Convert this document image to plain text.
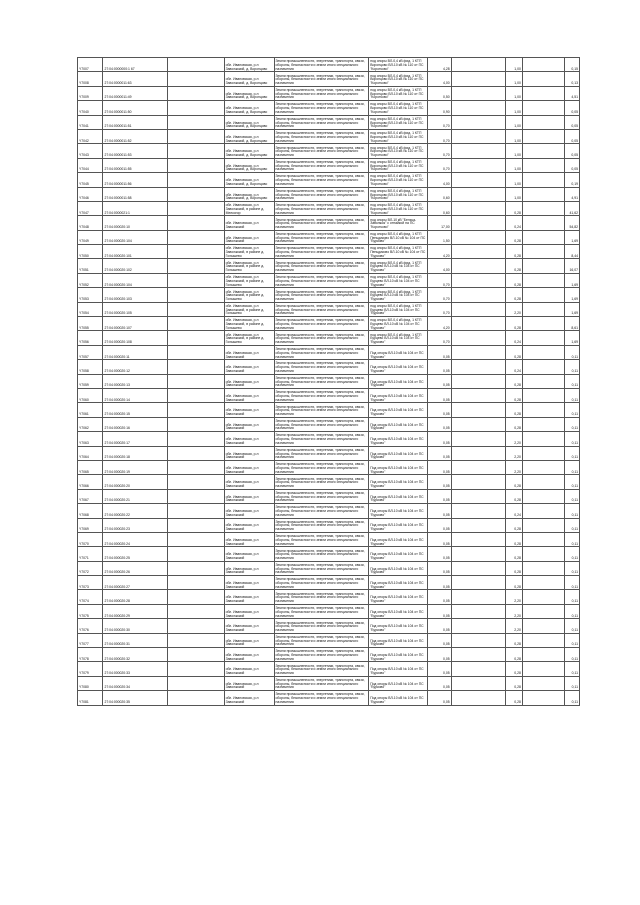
Y7007	27:04:0000000:1 67		обл. Ивановская, р-н Заволжский, д. Воронцово	Земли промышленности, энергетики, транспорта, связи, обороны, безопасности и земли иного специального назначения	под опоры ВЛ-0,4 кВ фид. 1 КТП Воронцово ВЛ-10 кВ № 110 от ПС "Коротково"	4,28		1,00		0,15
Y7008	27:04:0000011:63		обл. Ивановская, р-н Заволжский, д. Воронцово	Земли промышленности, энергетики, транспорта, связи, обороны, безопасности и земли иного специального назначения	под опоры ВЛ-0,4 кВ фид. 1 КТП Воронцово ВЛ-10 кВ № 110 от ПС "Коротково"	4,00		1,00		0,13
Y7009	27:04:0000011:49		обл. Ивановская, р-н Заволжский, д. Воронцово	Земли промышленности, энергетики, транспорта, связи, обороны, безопасности и земли иного специального назначения	под опоры ВЛ-0,4 кВ фид. 1 КТП Воронцово ВЛ-10 кВ № 110 от ПС "Коротково"	0,50		1,00		4,51
Y7040	27:04:0000011:50		обл. Ивановская, р-н Заволжский, д. Воронцово	Земли промышленности, энергетики, транспорта, связи, обороны, безопасности и земли иного специального назначения	под опоры ВЛ-0,4 кВ фид. 1 КТП Воронцово ВЛ-10 кВ № 110 от ПС "Коротково"	0,90		1,00		0,05
Y7041	27:04:0000011:51		обл. Ивановская, р-н Заволжский, д. Воронцово	Земли промышленности, энергетики, транспорта, связи, обороны, безопасности и земли иного специального назначения	под опоры ВЛ-0,4 кВ фид. 1 КТП Воронцово ВЛ-10 кВ № 110 от ПС "Коротково"	0,70		1,00		0,05
Y7042	27:04:0000011:52		обл. Ивановская, р-н Заволжский, д. Воронцово	Земли промышленности, энергетики, транспорта, связи, обороны, безопасности и земли иного специального назначения	под опоры ВЛ-0,4 кВ фид. 1 КТП Воронцово ВЛ-10 кВ № 110 от ПС "Коротково"	0,70		1,00		0,05
Y7043	27:04:0000011:53		обл. Ивановская, р-н Заволжский, д. Воронцово	Земли промышленности, энергетики, транспорта, связи, обороны, безопасности и земли иного специального назначения	под опоры ВЛ-0,4 кВ фид. 1 КТП Воронцово ВЛ-10 кВ № 110 от ПС "Коротково"	0,70		1,00		0,05
Y7044	27:04:0000011:55		обл. Ивановская, р-н Заволжский, д. Воронцово	Земли промышленности, энергетики, транспорта, связи, обороны, безопасности и земли иного специального назначения	под опоры ВЛ-0,4 кВ фид. 1 КТП Воронцово ВЛ-10 кВ № 110 от ПС "Коротково"	0,70		1,00		0,05
Y7045	27:04:0000011:56		обл. Ивановская, р-н Заволжский, д. Воронцово	Земли промышленности, энергетики, транспорта, связи, обороны, безопасности и земли иного специального назначения	под опоры ВЛ-0,4 кВ фид. 1 КТП Воронцово ВЛ-10 кВ № 110 от ПС "Коротково"	4,00		1,00		0,19
Y7046	27:04:0000011:58		обл. Ивановская, р-н Заволжский, д. Воронцово	Земли промышленности, энергетики, транспорта, связи, обороны, безопасности и земли иного специального назначения	под опоры ВЛ-0,4 кВ фид. 1 КТП Воронцово ВЛ-10 кВ № 110 от ПС "Коротково"	0,60		1,00		4,91
Y7047	27:04:0000021:1		обл. Ивановская, р-н Заволжский, в районе д. Мелкогор	Земли промышленности, энергетики, транспорта, связи, обороны, безопасности и земли иного специального назначения	под опоры ВЛ-0,4 кВ фид. 1 КТП Воронцово ВЛ-10 кВ № 110 от ПС "Коротково"	0,60		0,28		41,62
Y7048	27:04:000020:10		обл. Ивановская, р-н Заволжский	Земли промышленности, энергетики, транспорта, связи, обороны, безопасности и земли иного специального назначения	под опоры ВЛ-10 кВ "Бельча-Заволжск" с отпайкой на ПС "Коротково"	17,00		0,24		54,82
Y7049	27:04:000020:104		обл. Ивановская, р-н Заволжский	Земли промышленности, энергетики, транспорта, связи, обороны, безопасности и земли иного специального назначения	под опоры ВЛ-0,4 кВ фид. 1 КТП Пеньдиково ВЛ-10 кВ № 104 от ПС "Бурково"	1,50		0,28		1,69
Y7050	27:04:000020:101		обл. Ивановская, р-н Заволжский, в районе д. Голышево	Земли промышленности, энергетики, транспорта, связи, обороны, безопасности и земли иного специального назначения	под опоры ВЛ-0,4 кВ фид. 1 КТП Пеньдиково ВЛ-10 кВ № 104 от ПС "Бурково"	4,20		0,28		8,44
Y7051	27:04:000020:102		обл. Ивановская, р-н Заволжский, в районе д. Голышево	Земли промышленности, энергетики, транспорта, связи, обороны, безопасности и земли иного специального назначения	под опоры ВЛ-0,4 кВ фид. 1 КТП Бурцево ВЛ-10 кВ № 104 от ПС "Бурково"	4,00		0,28		16,07
Y7052	27:04:000020:104		обл. Ивановская, р-н Заволжский, в районе д. Голышево	Земли промышленности, энергетики, транспорта, связи, обороны, безопасности и земли иного специального назначения	под опоры ВЛ-0,4 кВ фид. 1 КТП Бурцево ВЛ-10 кВ № 104 от ПС "Бурково"	0,70		0,28		1,69
Y7053	27:04:000020:103		обл. Ивановская, р-н Заволжский, в районе д. Голышево	Земли промышленности, энергетики, транспорта, связи, обороны, безопасности и земли иного специального назначения	под опоры ВЛ-0,4 кВ фид. 1 КТП Бурцево ВЛ-10 кВ № 104 от ПС "Бурково"	0,70		0,28		1,69
Y7054	27:04:000020:105		обл. Ивановская, р-н Заволжский, в районе д. Голышево	Земли промышленности, энергетики, транспорта, связи, обороны, безопасности и земли иного специального назначения	под опоры ВЛ-0,4 кВ фид. 1 КТП Бурцево ВЛ-10 кВ № 104 от ПС "Бурково"	0,70		2,20		1,69
Y7055	27:04:000020:107		обл. Ивановская, р-н Заволжский, в районе д. Голышево	Земли промышленности, энергетики, транспорта, связи, обороны, безопасности и земли иного специального назначения	под опоры ВЛ-0,4 кВ фид. 1 КТП Бурцево ВЛ-10 кВ № 104 от ПС "Бурково"	4,20		0,28		8,61
Y7056	27:04:000020:108		обл. Ивановская, р-н Заволжский, в районе д. Голышево	Земли промышленности, энергетики, транспорта, связи, обороны, безопасности и земли иного специального назначения	под опоры ВЛ-0,4 кВ фид. 1 КТП Бурцево ВЛ-10 кВ № 104 от ПС "Бурково"	0,70		0,24		1,69
Y7057	27:04:000020:11		обл. Ивановская, р-н Заволжский	Земли промышленности, энергетики, транспорта, связи, обороны, безопасности и земли иного специального назначения	Под опоры ВЛ-10 кВ № 104 от ПС "Бурково"	0,05		0,28		0,11
Y7058	27:04:000020:12		обл. Ивановская, р-н Заволжский	Земли промышленности, энергетики, транспорта, связи, обороны, безопасности и земли иного специального назначения	Под опоры ВЛ-10 кВ № 104 от ПС "Бурково"	0,05		0,24		0,11
Y7059	27:04:000020:13		обл. Ивановская, р-н Заволжский	Земли промышленности, энергетики, транспорта, связи, обороны, безопасности и земли иного специального назначения	Под опоры ВЛ-10 кВ № 104 от ПС "Бурково"	0,05		0,28		0,11
Y7060	27:04:000020:14		обл. Ивановская, р-н Заволжский	Земли промышленности, энергетики, транспорта, связи, обороны, безопасности и земли иного специального назначения	Под опоры ВЛ-10 кВ № 104 от ПС "Бурково"	0,05		0,28		0,11
Y7061	27:04:000020:15		обл. Ивановская, р-н Заволжский	Земли промышленности, энергетики, транспорта, связи, обороны, безопасности и земли иного специального назначения	Под опоры ВЛ-10 кВ № 104 от ПС "Бурково"	0,05		0,28		0,11
Y7062	27:04:000020:16		обл. Ивановская, р-н Заволжский	Земли промышленности, энергетики, транспорта, связи, обороны, безопасности и земли иного специального назначения	Под опоры ВЛ-10 кВ № 104 от ПС "Бурково"	0,05		0,28		0,11
Y7063	27:04:000020:17		обл. Ивановская, р-н Заволжский	Земли промышленности, энергетики, транспорта, связи, обороны, безопасности и земли иного специального назначения	Под опоры ВЛ-10 кВ № 104 от ПС "Бурково"	0,05		2,20		0,11
Y7064	27:04:000020:18		обл. Ивановская, р-н Заволжский	Земли промышленности, энергетики, транспорта, связи, обороны, безопасности и земли иного специального назначения	Под опоры ВЛ-10 кВ № 104 от ПС "Бурково"	0,05		2,20		0,11
Y7065	27:04:000020:19		обл. Ивановская, р-н Заволжский	Земли промышленности, энергетики, транспорта, связи, обороны, безопасности и земли иного специального назначения	Под опоры ВЛ-10 кВ № 104 от ПС "Бурково"	0,05		2,20		0,11
Y7066	27:04:000020:20		обл. Ивановская, р-н Заволжский	Земли промышленности, энергетики, транспорта, связи, обороны, безопасности и земли иного специального назначения	Под опоры ВЛ-10 кВ № 104 от ПС "Бурково"	0,05		0,28		0,11
Y7067	27:04:000020:21		обл. Ивановская, р-н Заволжский	Земли промышленности, энергетики, транспорта, связи, обороны, безопасности и земли иного специального назначения	Под опоры ВЛ-10 кВ № 104 от ПС "Бурково"	0,05		0,28		0,11
Y7068	27:04:000020:22		обл. Ивановская, р-н Заволжский	Земли промышленности, энергетики, транспорта, связи, обороны, безопасности и земли иного специального назначения	Под опоры ВЛ-10 кВ № 104 от ПС "Бурково"	0,05		0,24		0,11
Y7069	27:04:000020:23		обл. Ивановская, р-н Заволжский	Земли промышленности, энергетики, транспорта, связи, обороны, безопасности и земли иного специального назначения	Под опоры ВЛ-10 кВ № 104 от ПС "Бурково"	0,05		0,28		0,11
Y7070	27:04:000020:24		обл. Ивановская, р-н Заволжский	Земли промышленности, энергетики, транспорта, связи, обороны, безопасности и земли иного специального назначения	Под опоры ВЛ-10 кВ № 104 от ПС "Бурково"	0,05		0,28		0,11
Y7071	27:04:000020:25		обл. Ивановская, р-н Заволжский	Земли промышленности, энергетики, транспорта, связи, обороны, безопасности и земли иного специального назначения	Под опоры ВЛ-10 кВ № 104 от ПС "Бурково"	0,05		0,28		0,11
Y7072	27:04:000020:26		обл. Ивановская, р-н Заволжский	Земли промышленности, энергетики, транспорта, связи, обороны, безопасности и земли иного специального назначения	Под опоры ВЛ-10 кВ № 104 от ПС "Бурково"	0,05		0,28		0,11
Y7073	27:04:000020:27		обл. Ивановская, р-н Заволжский	Земли промышленности, энергетики, транспорта, связи, обороны, безопасности и земли иного специального назначения	Под опоры ВЛ-10 кВ № 104 от ПС "Бурково"	0,05		0,28		0,11
Y7074	27:04:000020:28		обл. Ивановская, р-н Заволжский	Земли промышленности, энергетики, транспорта, связи, обороны, безопасности и земли иного специального назначения	Под опоры ВЛ-10 кВ № 104 от ПС "Бурково"	0,05		2,20		0,11
Y7075	27:04:000020:29		обл. Ивановская, р-н Заволжский	Земли промышленности, энергетики, транспорта, связи, обороны, безопасности и земли иного специального назначения	Под опоры ВЛ-10 кВ № 104 от ПС "Бурково"	0,05		2,20		0,11
Y7076	27:04:000020:30		обл. Ивановская, р-н Заволжский	Земли промышленности, энергетики, транспорта, связи, обороны, безопасности и земли иного специального назначения	Под опоры ВЛ-10 кВ № 104 от ПС "Бурково"	0,05		2,20		0,11
Y7077	27:04:000020:31		обл. Ивановская, р-н Заволжский	Земли промышленности, энергетики, транспорта, связи, обороны, безопасности и земли иного специального назначения	Под опоры ВЛ-10 кВ № 104 от ПС "Бурково"	0,05		0,28		0,11
Y7078	27:04:000020:32		обл. Ивановская, р-н Заволжский	Земли промышленности, энергетики, транспорта, связи, обороны, безопасности и земли иного специального назначения	Под опоры ВЛ-10 кВ № 104 от ПС "Бурково"	0,05		0,28		0,11
Y7079	27:04:000020:33		обл. Ивановская, р-н Заволжский	Земли промышленности, энергетики, транспорта, связи, обороны, безопасности и земли иного специального назначения	Под опоры ВЛ-10 кВ № 104 от ПС "Бурково"	0,05		0,28		0,11
Y7080	27:04:000020:34		обл. Ивановская, р-н Заволжский	Земли промышленности, энергетики, транспорта, связи, обороны, безопасности и земли иного специального назначения	Под опоры ВЛ-10 кВ № 104 от ПС "Бурково"	0,05		0,28		0,11
Y7081	27:04:000020:35		обл. Ивановская, р-н Заволжский	Земли промышленности, энергетики, транспорта, связи, обороны, безопасности и земли иного специального назначения	Под опоры ВЛ-10 кВ № 104 от ПС "Бурково"	0,05		0,28		0,11
